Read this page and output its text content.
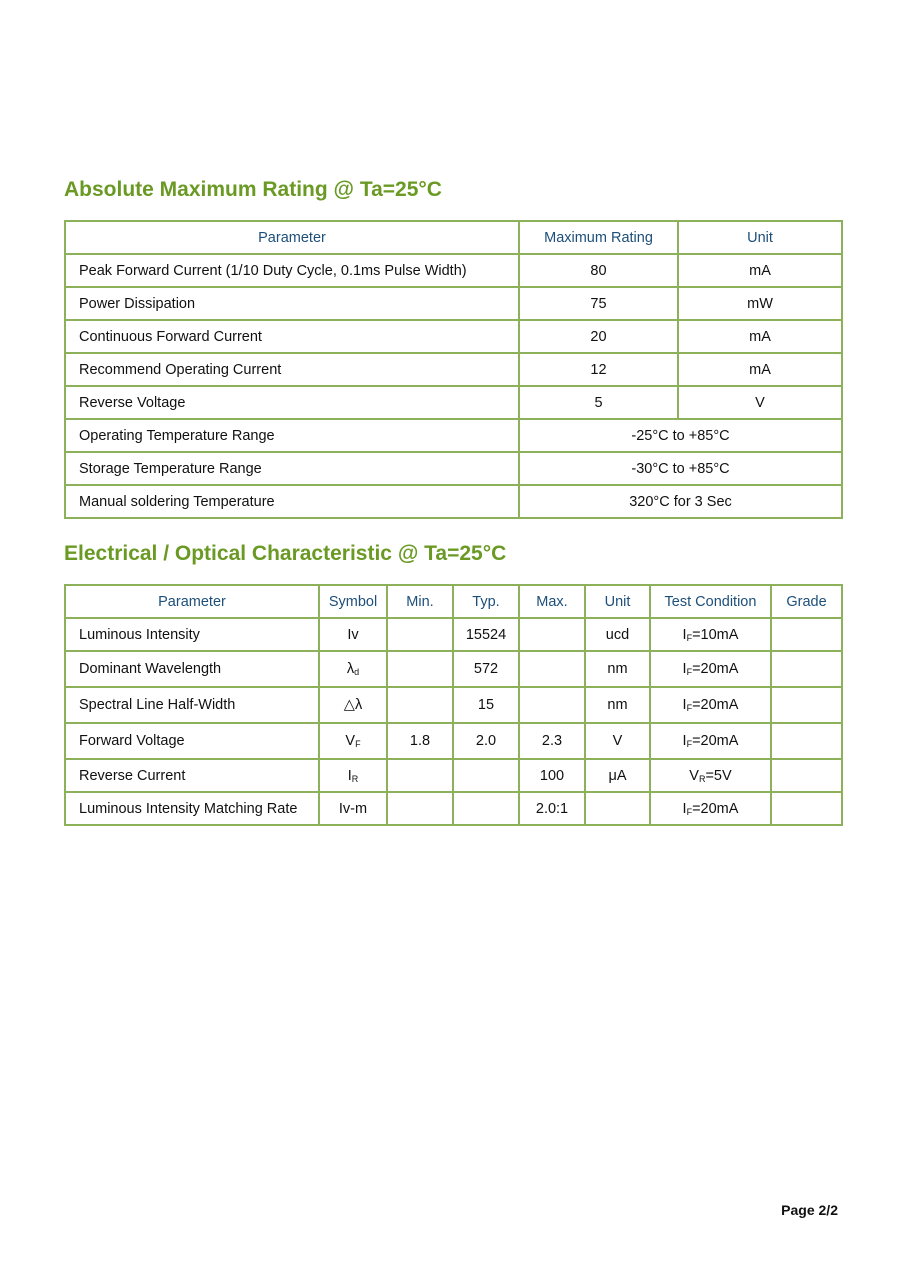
Absolute Maximum Rating @ Ta=25°C
Parameter	Maximum Rating	Unit
Peak Forward Current (1/10 Duty Cycle, 0.1ms Pulse Width)	80	mA
Power Dissipation	75	mW
Continuous Forward Current	20	mA
Recommend Operating Current	12	mA
Reverse Voltage	5	V
Operating Temperature Range	-25°C to +85°C	
Storage Temperature Range	-30°C to +85°C	
Manual soldering Temperature	320°C for 3 Sec	
Electrical / Optical Characteristic @ Ta=25°C
Parameter	Symbol	Min.	Typ.	Max.	Unit	Test Condition	Grade
Luminous Intensity	Iv		15524		ucd	$I_F=10mA$	
Dominant Wavelength	$\lambda_d$		572		nm	$I_F=20mA$	
Spectral Line Half-Width	△λ		15		nm	$I_F=20mA$	
Forward Voltage	$V_F$	1.8	2.0	2.3	V	$I_F=20mA$	
Reverse Current	$I_R$			100	μA	$V_R=5V$	
Luminous Intensity Matching Rate	Iv-m			2.0:1		$I_F=20mA$	
Page 2/2
